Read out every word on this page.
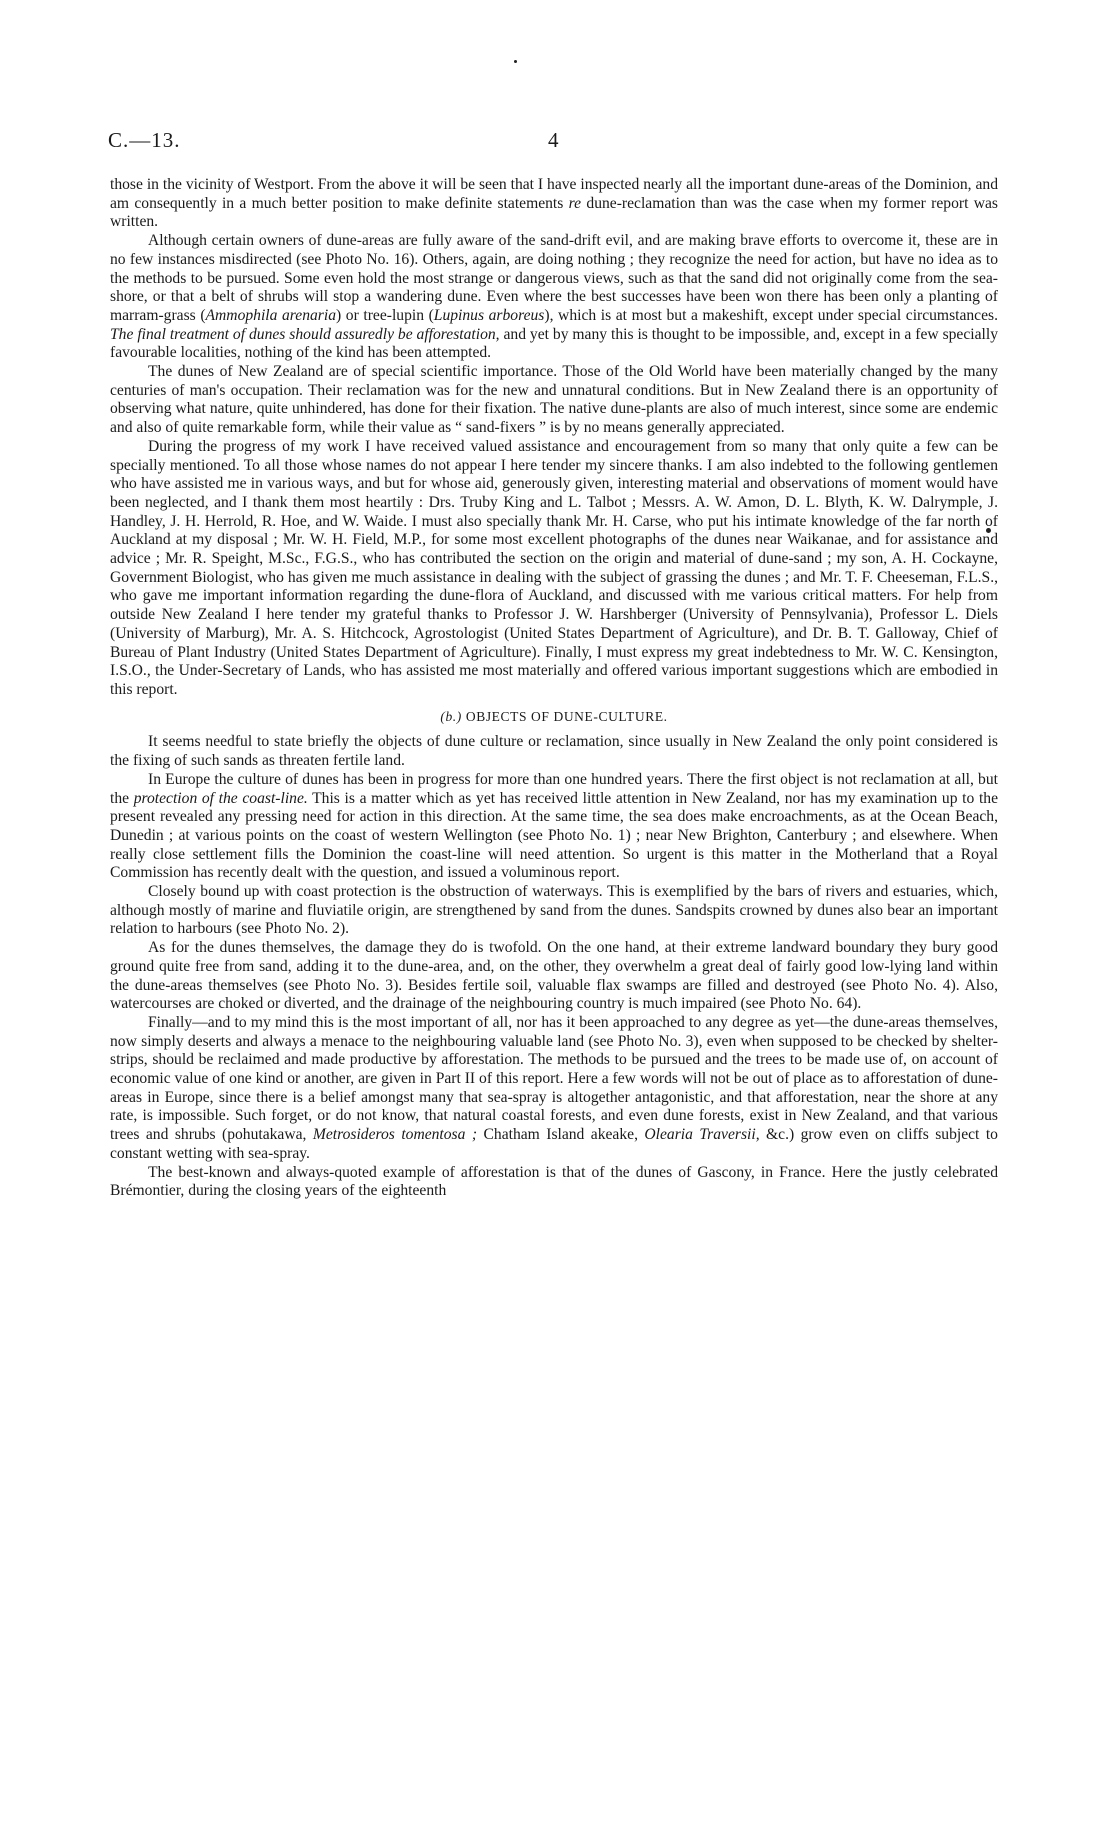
C.—13.	4

those in the vicinity of Westport. From the above it will be seen that I have inspected nearly all the important dune-areas of the Dominion, and am consequently in a much better position to make definite statements re dune-reclamation than was the case when my former report was written.

Although certain owners of dune-areas are fully aware of the sand-drift evil, and are making brave efforts to overcome it, these are in no few instances misdirected (see Photo No. 16). Others, again, are doing nothing ; they recognize the need for action, but have no idea as to the methods to be pursued. Some even hold the most strange or dangerous views, such as that the sand did not originally come from the sea-shore, or that a belt of shrubs will stop a wandering dune. Even where the best successes have been won there has been only a planting of marram-grass (Ammophila arenaria) or tree-lupin (Lupinus arboreus), which is at most but a makeshift, except under special circumstances. The final treatment of dunes should assuredly be afforestation, and yet by many this is thought to be impossible, and, except in a few specially favourable localities, nothing of the kind has been attempted.

The dunes of New Zealand are of special scientific importance. Those of the Old World have been materially changed by the many centuries of man's occupation. Their reclamation was for the new and unnatural conditions. But in New Zealand there is an opportunity of observing what nature, quite unhindered, has done for their fixation. The native dune-plants are also of much interest, since some are endemic and also of quite remarkable form, while their value as “ sand-fixers ” is by no means generally appreciated.

During the progress of my work I have received valued assistance and encouragement from so many that only quite a few can be specially mentioned. To all those whose names do not appear I here tender my sincere thanks. I am also indebted to the following gentlemen who have assisted me in various ways, and but for whose aid, generously given, interesting material and observations of moment would have been neglected, and I thank them most heartily : Drs. Truby King and L. Talbot ; Messrs. A. W. Amon, D. L. Blyth, K. W. Dalrymple, J. Handley, J. H. Herrold, R. Hoe, and W. Waide. I must also specially thank Mr. H. Carse, who put his intimate knowledge of the far north of Auckland at my disposal ; Mr. W. H. Field, M.P., for some most excellent photographs of the dunes near Waikanae, and for assistance and advice ; Mr. R. Speight, M.Sc., F.G.S., who has contributed the section on the origin and material of dune-sand ; my son, A. H. Cockayne, Government Biologist, who has given me much assistance in dealing with the subject of grassing the dunes ; and Mr. T. F. Cheeseman, F.L.S., who gave me important information regarding the dune-flora of Auckland, and discussed with me various critical matters. For help from outside New Zealand I here tender my grateful thanks to Professor J. W. Harshberger (University of Pennsylvania), Professor L. Diels (University of Marburg), Mr. A. S. Hitchcock, Agrostologist (United States Department of Agriculture), and Dr. B. T. Galloway, Chief of Bureau of Plant Industry (United States Department of Agriculture). Finally, I must express my great indebtedness to Mr. W. C. Kensington, I.S.O., the Under-Secretary of Lands, who has assisted me most materially and offered various important suggestions which are embodied in this report.

(b.) OBJECTS OF DUNE-CULTURE.

It seems needful to state briefly the objects of dune culture or reclamation, since usually in New Zealand the only point considered is the fixing of such sands as threaten fertile land.

In Europe the culture of dunes has been in progress for more than one hundred years. There the first object is not reclamation at all, but the protection of the coast-line. This is a matter which as yet has received little attention in New Zealand, nor has my examination up to the present revealed any pressing need for action in this direction. At the same time, the sea does make encroachments, as at the Ocean Beach, Dunedin ; at various points on the coast of western Wellington (see Photo No. 1) ; near New Brighton, Canterbury ; and elsewhere. When really close settlement fills the Dominion the coast-line will need attention. So urgent is this matter in the Motherland that a Royal Commission has recently dealt with the question, and issued a voluminous report.

Closely bound up with coast protection is the obstruction of waterways. This is exemplified by the bars of rivers and estuaries, which, although mostly of marine and fluviatile origin, are strengthened by sand from the dunes. Sandspits crowned by dunes also bear an important relation to harbours (see Photo No. 2).

As for the dunes themselves, the damage they do is twofold. On the one hand, at their extreme landward boundary they bury good ground quite free from sand, adding it to the dune-area, and, on the other, they overwhelm a great deal of fairly good low-lying land within the dune-areas themselves (see Photo No. 3). Besides fertile soil, valuable flax swamps are filled and destroyed (see Photo No. 4). Also, watercourses are choked or diverted, and the drainage of the neighbouring country is much impaired (see Photo No. 64).

Finally—and to my mind this is the most important of all, nor has it been approached to any degree as yet—the dune-areas themselves, now simply deserts and always a menace to the neighbouring valuable land (see Photo No. 3), even when supposed to be checked by shelter-strips, should be reclaimed and made productive by afforestation. The methods to be pursued and the trees to be made use of, on account of economic value of one kind or another, are given in Part II of this report. Here a few words will not be out of place as to afforestation of dune-areas in Europe, since there is a belief amongst many that sea-spray is altogether antagonistic, and that afforestation, near the shore at any rate, is impossible. Such forget, or do not know, that natural coastal forests, and even dune forests, exist in New Zealand, and that various trees and shrubs (pohutakawa, Metrosideros tomentosa ; Chatham Island akeake, Olearia Traversii, &c.) grow even on cliffs subject to constant wetting with sea-spray.

The best-known and always-quoted example of afforestation is that of the dunes of Gascony, in France. Here the justly celebrated Brémontier, during the closing years of the eighteenth
